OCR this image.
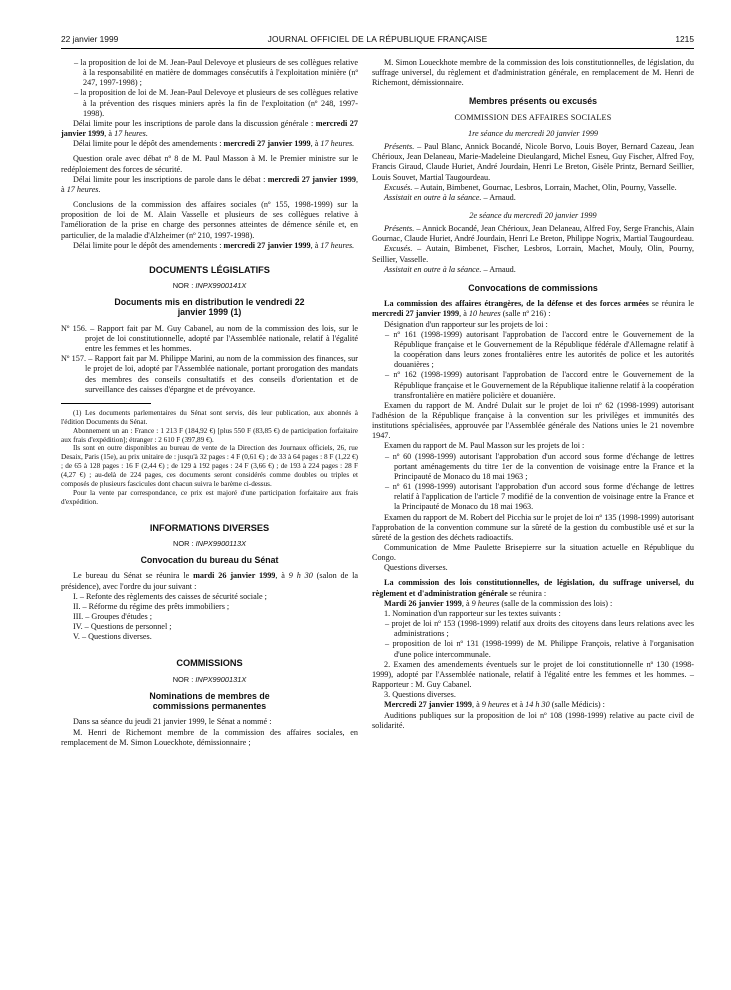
22 janvier 1999	JOURNAL OFFICIEL DE LA RÉPUBLIQUE FRANÇAISE	1215

– la proposition de loi de M. Jean-Paul Delevoye et plusieurs de ses collègues relative à la responsabilité en matière de dommages consécutifs à l'exploitation minière (nº 247, 1997-1998) ;

– la proposition de loi de M. Jean-Paul Delevoye et plusieurs de ses collègues relative à la prévention des risques miniers après la fin de l'exploitation (nº 248, 1997-1998).

Délai limite pour les inscriptions de parole dans la discussion générale : mercredi 27 janvier 1999, à 17 heures.

Délai limite pour le dépôt des amendements : mercredi 27 janvier 1999, à 17 heures.

Question orale avec débat nº 8 de M. Paul Masson à M. le Premier ministre sur le redéploiement des forces de sécurité.

Délai limite pour les inscriptions de parole dans le débat : mercredi 27 janvier 1999, à 17 heures.

Conclusions de la commission des affaires sociales (nº 155, 1998-1999) sur la proposition de loi de M. Alain Vasselle et plusieurs de ses collègues relative à l'amélioration de la prise en charge des personnes atteintes de démence sénile et, en particulier, de la maladie d'Alzheimer (nº 210, 1997-1998).

Délai limite pour le dépôt des amendements : mercredi 27 janvier 1999, à 17 heures.

DOCUMENTS LÉGISLATIFS
NOR : INPX9900141X
Documents mis en distribution le vendredi 22 janvier 1999 (1)

Nº 156. – Rapport fait par M. Guy Cabanel, au nom de la commission des lois, sur le projet de loi constitutionnelle, adopté par l'Assemblée nationale, relatif à l'égalité entre les femmes et les hommes.

Nº 157. – Rapport fait par M. Philippe Marini, au nom de la commission des finances, sur le projet de loi, adopté par l'Assemblée nationale, portant prorogation des mandats des membres des conseils consultatifs et des conseils d'orientation et de surveillance des caisses d'épargne et de prévoyance.

(1) Les documents parlementaires du Sénat sont servis, dès leur publication, aux abonnés à l'édition Documents du Sénat.

Abonnement un an : France : 1 213 F (184,92 €) [plus 550 F (83,85 €) de participation forfaitaire aux frais d'expédition]; étranger : 2 610 F (397,89 €).

Ils sont en outre disponibles au bureau de vente de la Direction des Journaux officiels, 26, rue Desaix, Paris (15e), au prix unitaire de : jusqu'à 32 pages : 4 F (0,61 €) ; de 33 à 64 pages : 8 F (1,22 €) ; de 65 à 128 pages : 16 F (2,44 €) ; de 129 à 192 pages : 24 F (3,66 €) ; de 193 à 224 pages : 28 F (4,27 €) ; au-delà de 224 pages, ces documents seront considérés comme doubles ou triples et composés de plusieurs fascicules dont chacun suivra le barème ci-dessus.

Pour la vente par correspondance, ce prix est majoré d'une participation forfaitaire aux frais d'expédition.

INFORMATIONS DIVERSES
NOR : INPX9900113X
Convocation du bureau du Sénat

Le bureau du Sénat se réunira le mardi 26 janvier 1999, à 9 h 30 (salon de la présidence), avec l'ordre du jour suivant :

I. – Refonte des règlements des caisses de sécurité sociale ;

II. – Réforme du régime des prêts immobiliers ;

III. – Groupes d'études ;

IV. – Questions de personnel ;

V. – Questions diverses.

COMMISSIONS
NOR : INPX9900131X
Nominations de membres de commissions permanentes

Dans sa séance du jeudi 21 janvier 1999, le Sénat a nommé :

M. Henri de Richemont membre de la commission des affaires sociales, en remplacement de M. Simon Loueckhote, démissionnaire ;

M. Simon Loueckhote membre de la commission des lois constitutionnelles, de législation, du suffrage universel, du règlement et d'administration générale, en remplacement de M. Henri de Richemont, démissionnaire.

Membres présents ou excusés
COMMISSION DES AFFAIRES SOCIALES
1re séance du mercredi 20 janvier 1999

Présents. – Paul Blanc, Annick Bocandé, Nicole Borvo, Louis Boyer, Bernard Cazeau, Jean Chérioux, Jean Delaneau, Marie-Madeleine Dieulangard, Michel Esneu, Guy Fischer, Alfred Foy, Francis Giraud, Claude Huriet, André Jourdain, Henri Le Breton, Gisèle Printz, Bernard Seillier, Louis Souvet, Martial Taugourdeau.

Excusés. – Autain, Bimbenet, Gournac, Lesbros, Lorrain, Machet, Olin, Pourny, Vasselle.

Assistait en outre à la séance. – Arnaud.

2e séance du mercredi 20 janvier 1999

Présents. – Annick Bocandé, Jean Chérioux, Jean Delaneau, Alfred Foy, Serge Franchis, Alain Gournac, Claude Huriet, André Jourdain, Henri Le Breton, Philippe Nogrix, Martial Taugourdeau.

Excusés. – Autain, Bimbenet, Fischer, Lesbros, Lorrain, Machet, Mouly, Olin, Pourny, Seillier, Vasselle.

Assistait en outre à la séance. – Arnaud.

Convocations de commissions

La commission des affaires étrangères, de la défense et des forces armées se réunira le mercredi 27 janvier 1999, à 10 heures (salle nº 216) :

Désignation d'un rapporteur sur les projets de loi :

– nº 161 (1998-1999) autorisant l'approbation de l'accord entre le Gouvernement de la République française et le Gouvernement de la République fédérale d'Allemagne relatif à la coopération dans leurs zones frontalières entre les autorités de police et les autorités douanières ;

– nº 162 (1998-1999) autorisant l'approbation de l'accord entre le Gouvernement de la République française et le Gouvernement de la République italienne relatif à la coopération transfrontalière en matière policière et douanière.

Examen du rapport de M. André Dulait sur le projet de loi nº 62 (1998-1999) autorisant l'adhésion de la République française à la convention sur les privilèges et immunités des institutions spécialisées, approuvée par l'Assemblée générale des Nations unies le 21 novembre 1947.

Examen du rapport de M. Paul Masson sur les projets de loi :

– nº 60 (1998-1999) autorisant l'approbation d'un accord sous forme d'échange de lettres portant aménagements du titre 1er de la convention de voisinage entre la France et la Principauté de Monaco du 18 mai 1963 ;

– nº 61 (1998-1999) autorisant l'approbation d'un accord sous forme d'échange de lettres relatif à l'application de l'article 7 modifié de la convention de voisinage entre la France et la Principauté de Monaco du 18 mai 1963.

Examen du rapport de M. Robert del Picchia sur le projet de loi nº 135 (1998-1999) autorisant l'approbation de la convention commune sur la sûreté de la gestion du combustible usé et sur la sûreté de la gestion des déchets radioactifs.

Communication de Mme Paulette Brisepierre sur la situation actuelle en République du Congo.

Questions diverses.

La commission des lois constitutionnelles, de législation, du suffrage universel, du règlement et d'administration générale se réunira :

Mardi 26 janvier 1999, à 9 heures (salle de la commission des lois) :

1. Nomination d'un rapporteur sur les textes suivants :

– projet de loi nº 153 (1998-1999) relatif aux droits des citoyens dans leurs relations avec les administrations ;

– proposition de loi nº 131 (1998-1999) de M. Philippe François, relative à l'organisation d'une police intercommunale.

2. Examen des amendements éventuels sur le projet de loi constitutionnelle nº 130 (1998-1999), adopté par l'Assemblée nationale, relatif à l'égalité entre les femmes et les hommes. – Rapporteur : M. Guy Cabanel.

3. Questions diverses.

Mercredi 27 janvier 1999, à 9 heures et à 14 h 30 (salle Médicis) :

Auditions publiques sur la proposition de loi nº 108 (1998-1999) relative au pacte civil de solidarité.
